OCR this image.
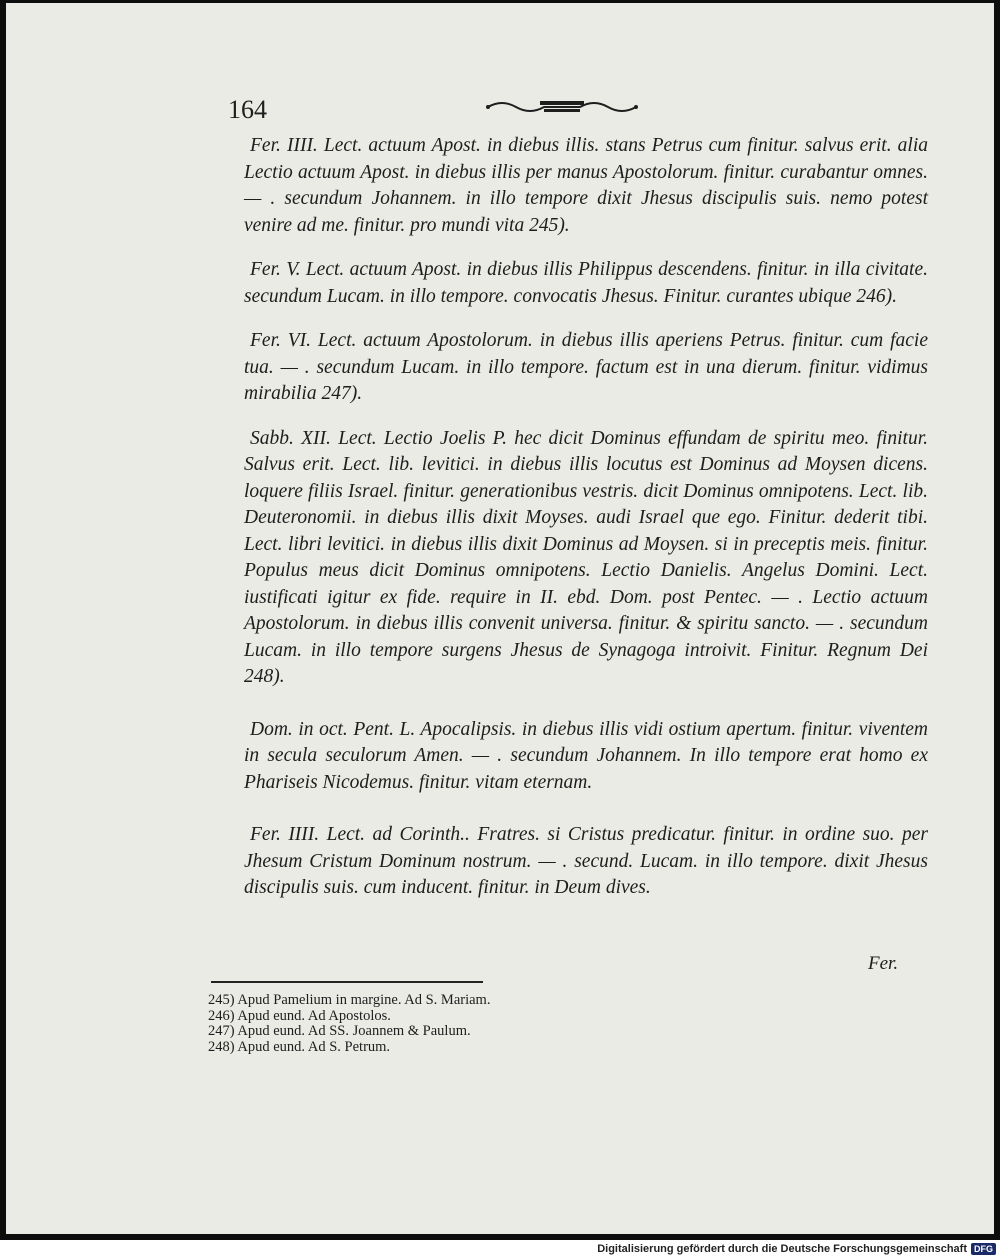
164

Fer. IIII. Lect. actuum Apost. in diebus illis. stans Petrus cum finitur. salvus erit. alia Lectio actuum Apost. in diebus illis per manus Apostolorum. finitur. curabantur omnes. — . secundum Johannem. in illo tempore dixit Jhesus discipulis suis. nemo potest venire ad me. finitur. pro mundi vita 245).

Fer. V. Lect. actuum Apost. in diebus illis Philippus descendens. finitur. in illa civitate. secundum Lucam. in illo tempore. convocatis Jhesus. Finitur. curantes ubique 246).

Fer. VI. Lect. actuum Apostolorum. in diebus illis aperiens Petrus. finitur. cum facie tua. — . secundum Lucam. in illo tempore. factum est in una dierum. finitur. vidimus mirabilia 247).

Sabb. XII. Lect. Lectio Joelis P. hec dicit Dominus effundam de spiritu meo. finitur. Salvus erit. Lect. lib. levitici. in diebus illis locutus est Dominus ad Moysen dicens. loquere filiis Israel. finitur. generationibus vestris. dicit Dominus omnipotens. Lect. lib. Deuteronomii. in diebus illis dixit Moyses. audi Israel que ego. Finitur. dederit tibi. Lect. libri levitici. in diebus illis dixit Dominus ad Moysen. si in preceptis meis. finitur. Populus meus dicit Dominus omnipotens. Lectio Danielis. Angelus Domini. Lect. iustificati igitur ex fide. require in II. ebd. Dom. post Pentec. — . Lectio actuum Apostolorum. in diebus illis convenit universa. finitur. & spiritu sancto. — . secundum Lucam. in illo tempore surgens Jhesus de Synagoga introivit. Finitur. Regnum Dei 248).

Dom. in oct. Pent. L. Apocalipsis. in diebus illis vidi ostium apertum. finitur. viventem in secula seculorum Amen. — . secundum Johannem. In illo tempore erat homo ex Phariseis Nicodemus. finitur. vitam eternam.

Fer. IIII. Lect. ad Corinth.. Fratres. si Cristus predicatur. finitur. in ordine suo. per Jhesum Cristum Dominum nostrum. — . secund. Lucam. in illo tempore. dixit Jhesus discipulis suis. cum inducent. finitur. in Deum dives.

Fer.
245) Apud Pamelium in margine. Ad S. Mariam.
246) Apud eund. Ad Apostolos.
247) Apud eund. Ad SS. Joannem & Paulum.
248) Apud eund. Ad S. Petrum.
Digitalisierung gefördert durch die Deutsche Forschungsgemeinschaft DFG
